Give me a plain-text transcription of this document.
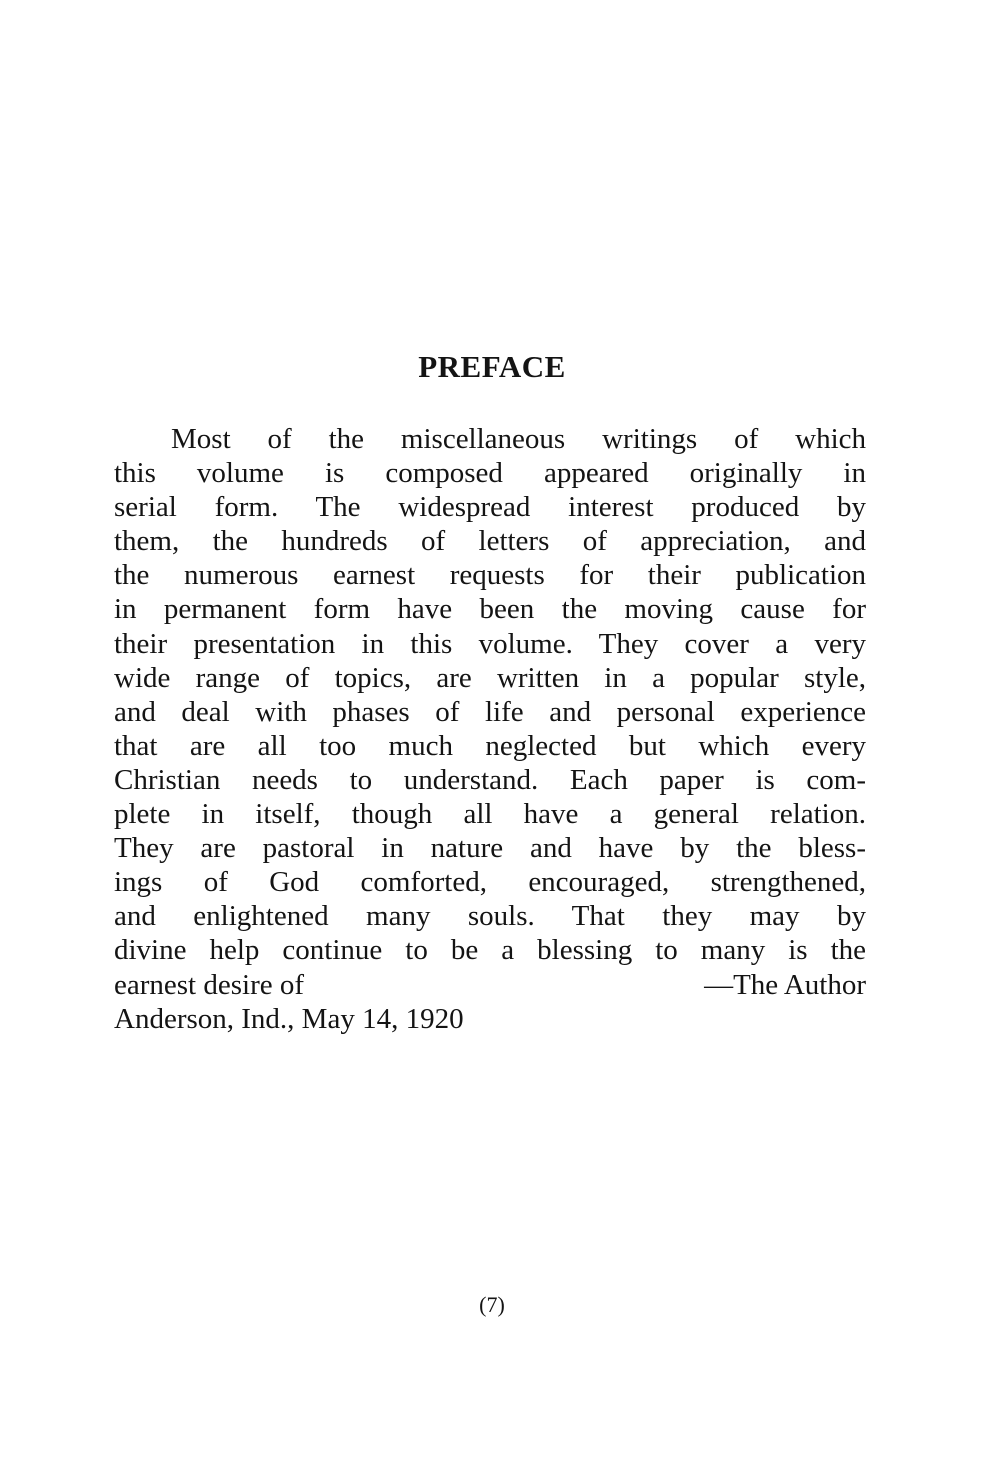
PREFACE
Most of the miscellaneous writings of which
this volume is composed appeared originally in
serial form. The widespread interest produced by
them, the hundreds of letters of appreciation, and
the numerous earnest requests for their publication
in permanent form have been the moving cause for
their presentation in this volume. They cover a very
wide range of topics, are written in a popular style,
and deal with phases of life and personal experience
that are all too much neglected but which every
Christian needs to understand. Each paper is com-
plete in itself, though all have a general relation.
They are pastoral in nature and have by the bless-
ings of God comforted, encouraged, strengthened,
and enlightened many souls. That they may by
divine help continue to be a blessing to many is the
earnest desire of	—The Author
Anderson, Ind., May 14, 1920
(7)
